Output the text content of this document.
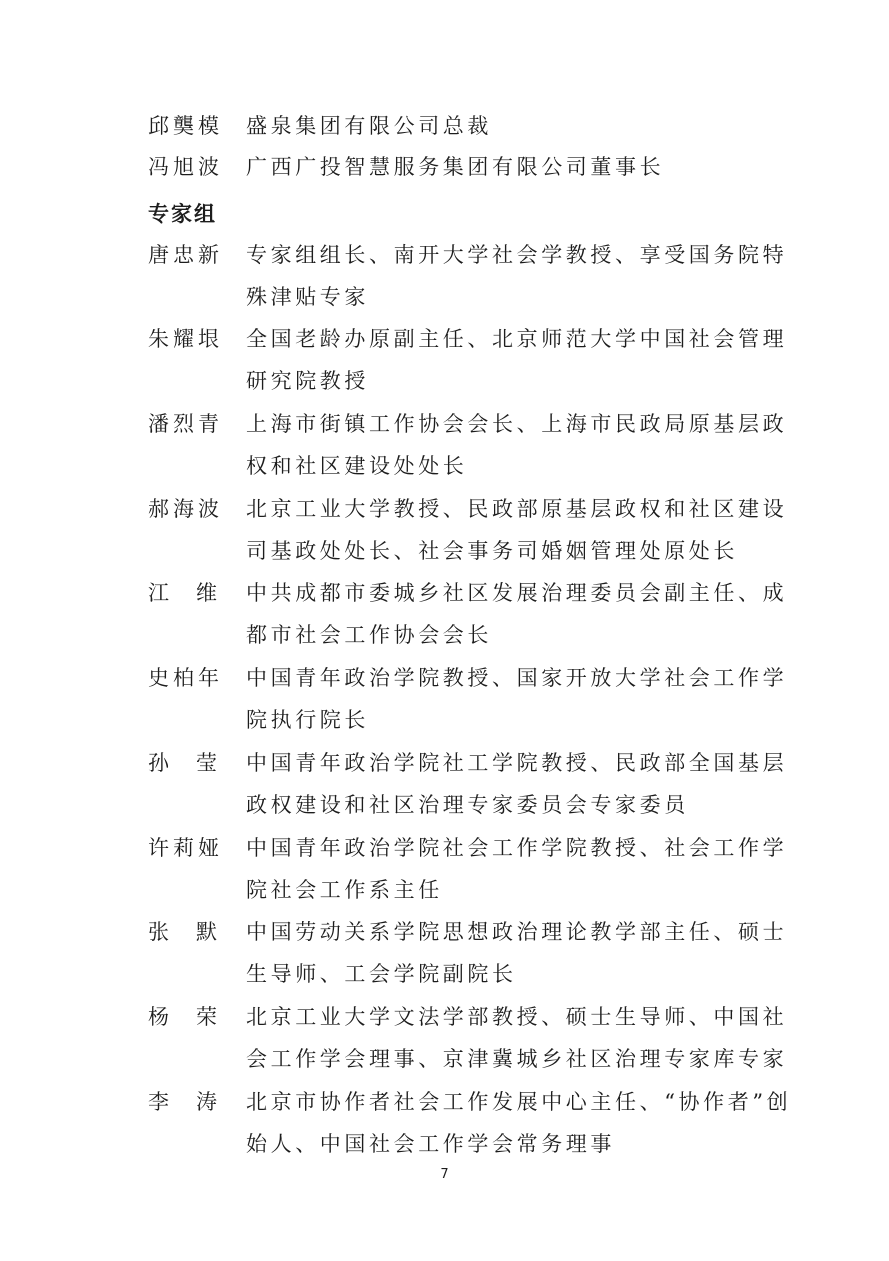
邱龑模 盛泉集团有限公司总裁
冯旭波 广西广投智慧服务集团有限公司董事长
专家组
唐忠新 专家组组长、南开大学社会学教授、享受国务院特
殊津贴专家
朱耀垠 全国老龄办原副主任、北京师范大学中国社会管理
研究院教授
潘烈青 上海市街镇工作协会会长、上海市民政局原基层政
权和社区建设处处长
郝海波 北京工业大学教授、民政部原基层政权和社区建设
司基政处处长、社会事务司婚姻管理处原处长
江维 中共成都市委城乡社区发展治理委员会副主任、成
都市社会工作协会会长
史柏年 中国青年政治学院教授、国家开放大学社会工作学
院执行院长
孙莹 中国青年政治学院社工学院教授、民政部全国基层
政权建设和社区治理专家委员会专家委员
许莉娅 中国青年政治学院社会工作学院教授、社会工作学
院社会工作系主任
张默 中国劳动关系学院思想政治理论教学部主任、硕士
生导师、工会学院副院长
杨荣 北京工业大学文法学部教授、硕士生导师、中国社
会工作学会理事、京津冀城乡社区治理专家库专家
李涛 北京市协作者社会工作发展中心主任、“协作者”创
始人、中国社会工作学会常务理事
7
